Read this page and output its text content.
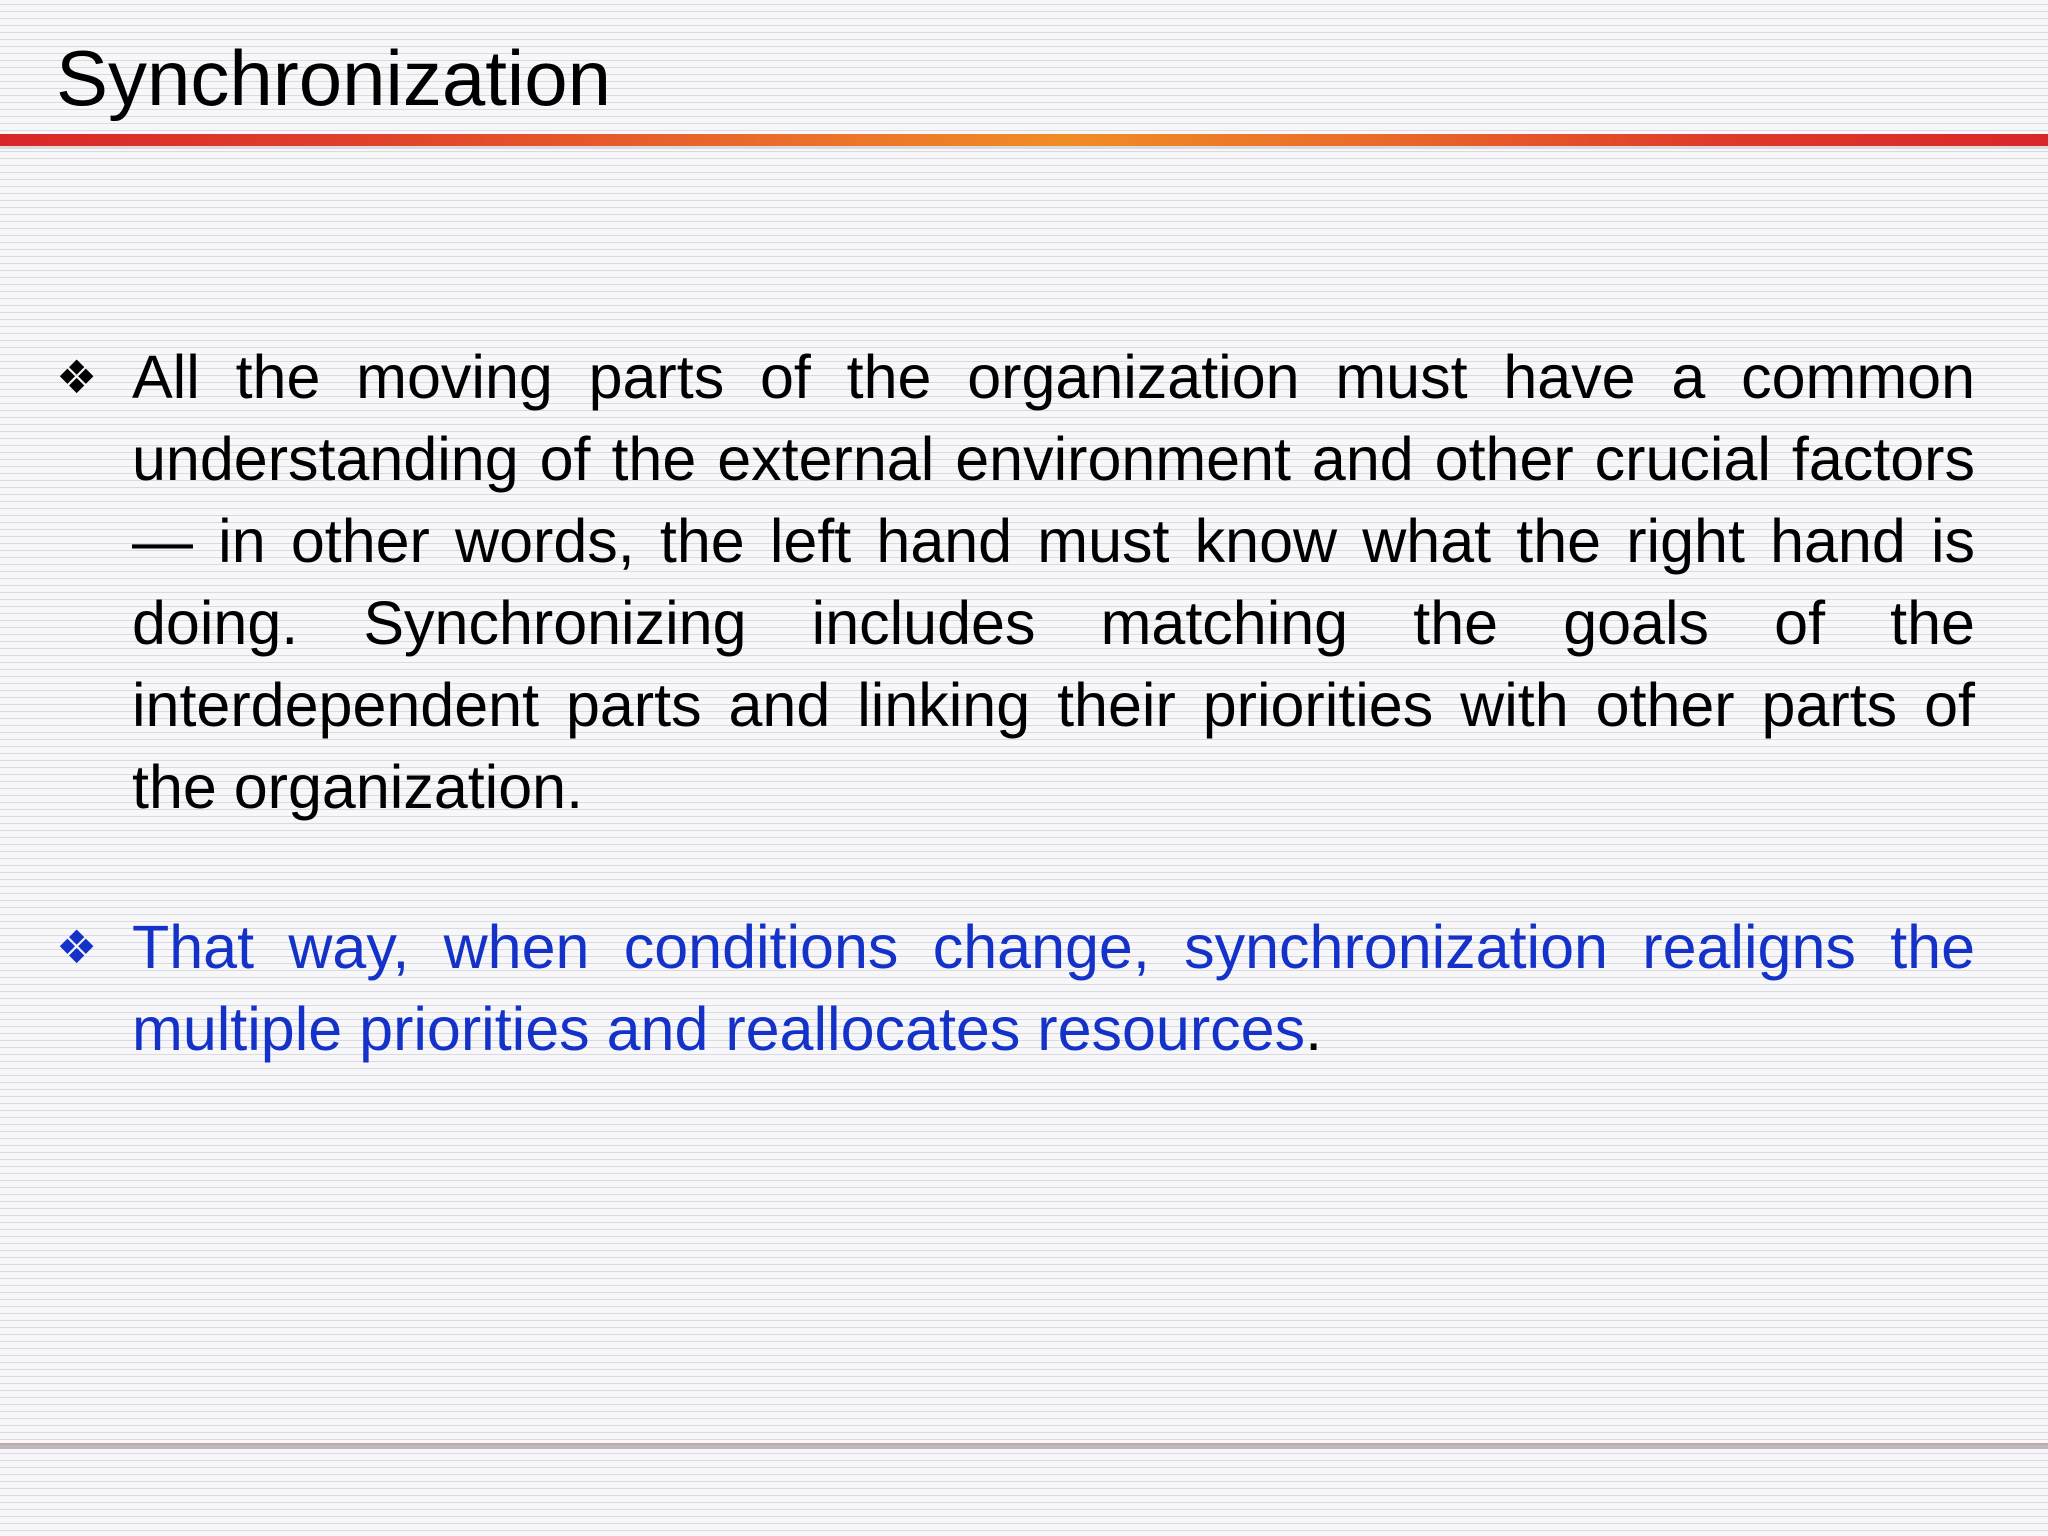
Synchronization
❖ All the moving parts of the organization must have a common understanding of the external environment and other crucial factors — in other words, the left hand must know what the right hand is doing. Synchronizing includes matching the goals of the interdependent parts and linking their priorities with other parts of the organization.
❖ That way, when conditions change, synchronization realigns the multiple priorities and reallocates resources.
